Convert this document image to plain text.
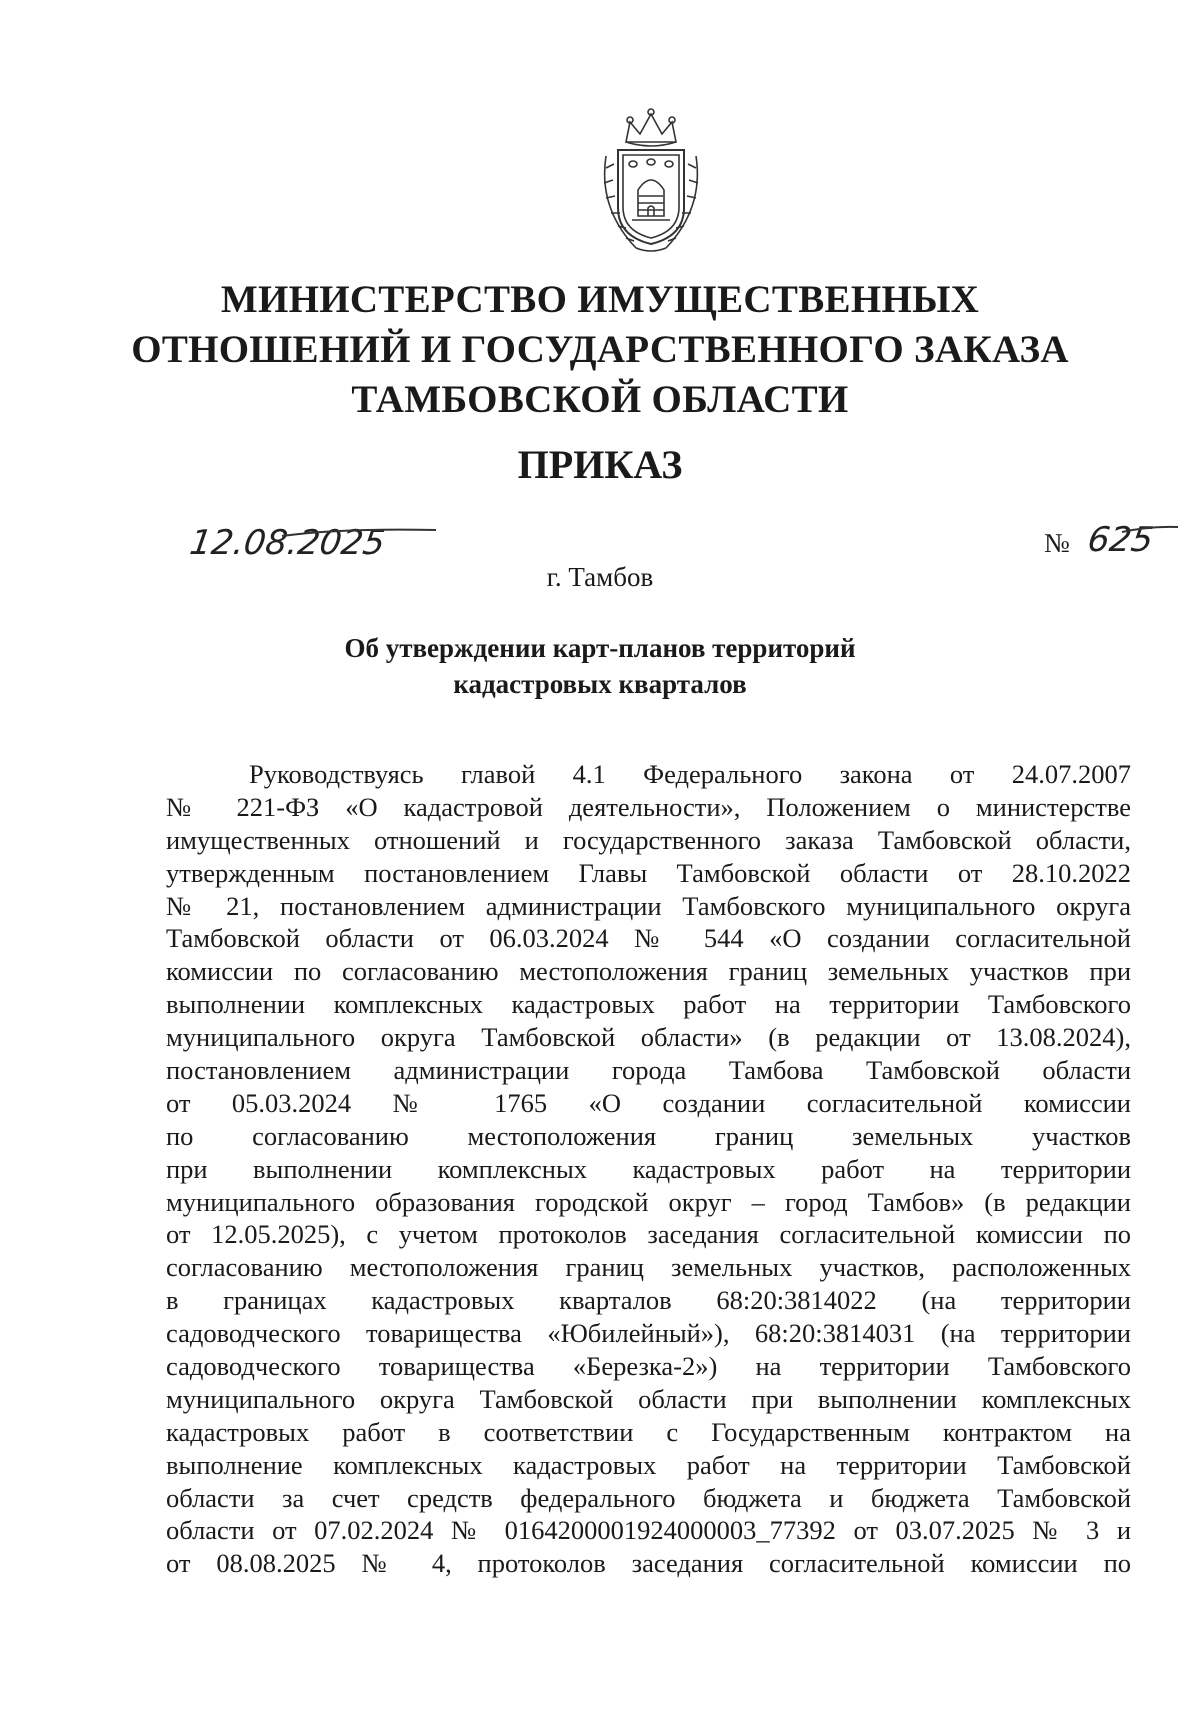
МИНИСТЕРСТВО ИМУЩЕСТВЕННЫХ
ОТНОШЕНИЙ И ГОСУДАРСТВЕННОГО ЗАКАЗА
ТАМБОВСКОЙ ОБЛАСТИ
ПРИКАЗ
12.08.2025	№ 625
г. Тамбов
Об утверждении карт-планов территорий
кадастровых кварталов
Руководствуясь главой 4.1 Федерального закона от 24.07.2007
№ 221-ФЗ «О кадастровой деятельности», Положением о министерстве
имущественных отношений и государственного заказа Тамбовской области,
утвержденным постановлением Главы Тамбовской области от 28.10.2022
№ 21, постановлением администрации Тамбовского муниципального округа
Тамбовской области от 06.03.2024 № 544 «О создании согласительной
комиссии по согласованию местоположения границ земельных участков при
выполнении комплексных кадастровых работ на территории Тамбовского
муниципального округа Тамбовской области» (в редакции от 13.08.2024),
постановлением администрации города Тамбова Тамбовской области
от 05.03.2024 № 1765 «О создании согласительной комиссии
по согласованию местоположения границ земельных участков
при выполнении комплексных кадастровых работ на территории
муниципального образования городской округ – город Тамбов» (в редакции
от 12.05.2025), с учетом протоколов заседания согласительной комиссии по
согласованию местоположения границ земельных участков, расположенных
в границах кадастровых кварталов 68:20:3814022 (на территории
садоводческого товарищества «Юбилейный»), 68:20:3814031 (на территории
садоводческого товарищества «Березка-2») на территории Тамбовского
муниципального округа Тамбовской области при выполнении комплексных
кадастровых работ в соответствии с Государственным контрактом на
выполнение комплексных кадастровых работ на территории Тамбовской
области за счет средств федерального бюджета и бюджета Тамбовской
области от 07.02.2024 № 0164200001924000003_77392 от 03.07.2025 № 3 и
от 08.08.2025 № 4, протоколов заседания согласительной комиссии по
